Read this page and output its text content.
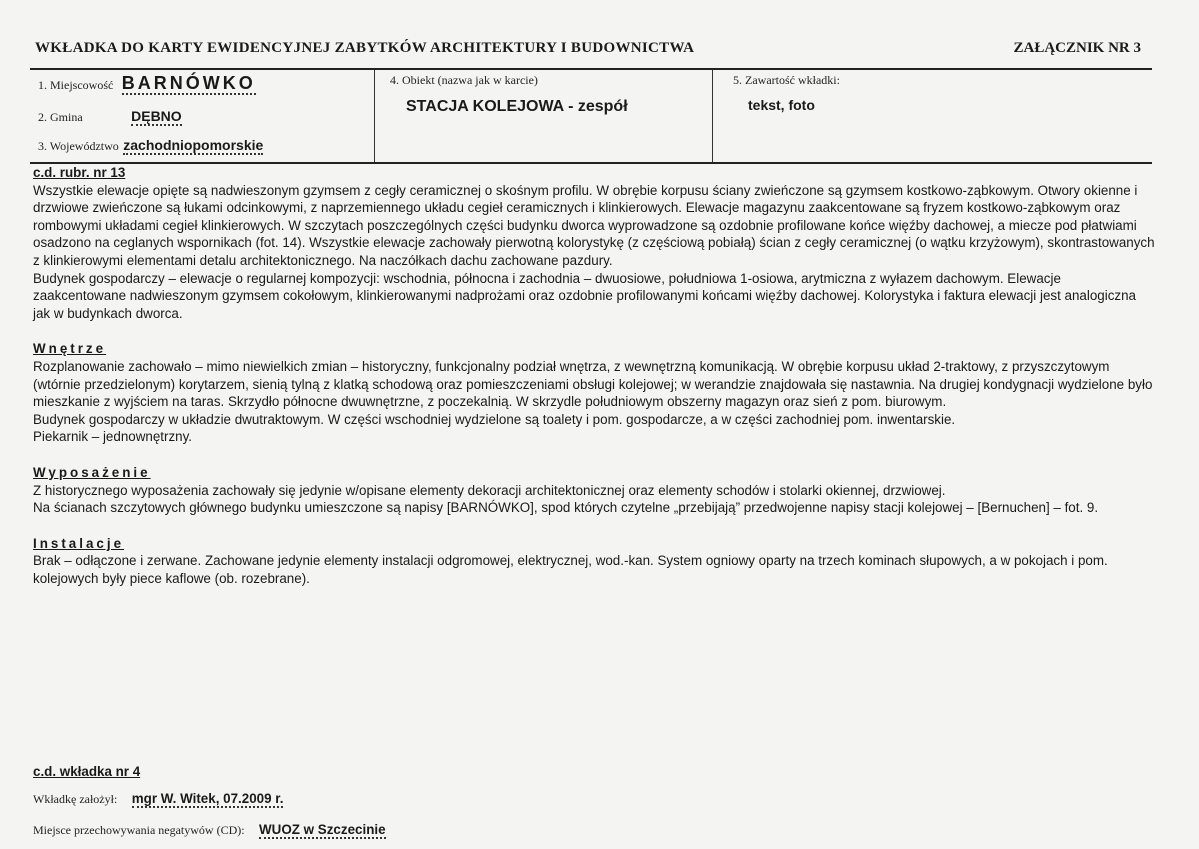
WKŁADKA DO KARTY EWIDENCYJNEJ ZABYTKÓW ARCHITEKTURY I BUDOWNICTWA	ZAŁĄCZNIK NR 3
1. Miejscowość BARNÓWKO
2. Gmina	DĘBNO
3. Województwo zachodniopomorskie
4. Obiekt (nazwa jak w karcie)
STACJA KOLEJOWA - zespół
5. Zawartość wkładki:
tekst, foto

c.d. rubr. nr 13

Wszystkie elewacje opięte są nadwieszonym gzymsem z cegły ceramicznej o skośnym profilu. W obrębie korpusu ściany zwieńczone są gzymsem kostkowo-ząbkowym. Otwory okienne i drzwiowe zwieńczone są łukami odcinkowymi, z naprzemiennego układu cegieł ceramicznych i klinkierowych. Elewacje magazynu zaakcentowane są fryzem kostkowo-ząbkowym oraz rombowymi układami cegieł klinkierowych. W szczytach poszczególnych części budynku dworca wyprowadzone są ozdobnie profilowane końce więźby dachowej, a miecze pod płatwiami osadzono na ceglanych wspornikach (fot. 14). Wszystkie elewacje zachowały pierwotną kolorystykę (z częściową pobiałą) ścian z cegły ceramicznej (o wątku krzyżowym), skontrastowanych z klinkierowymi elementami detalu architektonicznego. Na naczółkach dachu zachowane pazdury.

Budynek gospodarczy – elewacje o regularnej kompozycji: wschodnia, północna i zachodnia – dwuosiowe, południowa 1-osiowa, arytmiczna z wyłazem dachowym. Elewacje zaakcentowane nadwieszonym gzymsem cokołowym, klinkierowanymi nadprożami oraz ozdobnie profilowanymi końcami więźby dachowej. Kolorystyka i faktura elewacji jest analogiczna jak w budynkach dworca.

Wnętrze

Rozplanowanie zachowało – mimo niewielkich zmian – historyczny, funkcjonalny podział wnętrza, z wewnętrzną komunikacją. W obrębie korpusu układ 2-traktowy, z przyszczytowym (wtórnie przedzielonym) korytarzem, sienią tylną z klatką schodową oraz pomieszczeniami obsługi kolejowej; w werandzie znajdowała się nastawnia. Na drugiej kondygnacji wydzielone było mieszkanie z wyjściem na taras. Skrzydło północne dwuwnętrzne, z poczekalnią. W skrzydle południowym obszerny magazyn oraz sień z pom. biurowym.

Budynek gospodarczy w układzie dwutraktowym. W części wschodniej wydzielone są toalety i pom. gospodarcze, a w części zachodniej pom. inwentarskie.

Piekarnik – jednownętrzny.

Wyposażenie

Z historycznego wyposażenia zachowały się jedynie w/opisane elementy dekoracji architektonicznej oraz elementy schodów i stolarki okiennej, drzwiowej.

Na ścianach szczytowych głównego budynku umieszczone są napisy [BARNÓWKO], spod których czytelne „przebijają” przedwojenne napisy stacji kolejowej – [Bernuchen] – fot. 9.

Instalacje

Brak – odłączone i zerwane. Zachowane jedynie elementy instalacji odgromowej, elektrycznej, wod.-kan. System ogniowy oparty na trzech kominach słupowych, a w pokojach i pom. kolejowych były piece kaflowe (ob. rozebrane).

c.d. wkładka nr 4
Wkładkę założył: mgr W. Witek, 07.2009 r.
Miejsce przechowywania negatywów (CD): WUOZ w Szczecinie
